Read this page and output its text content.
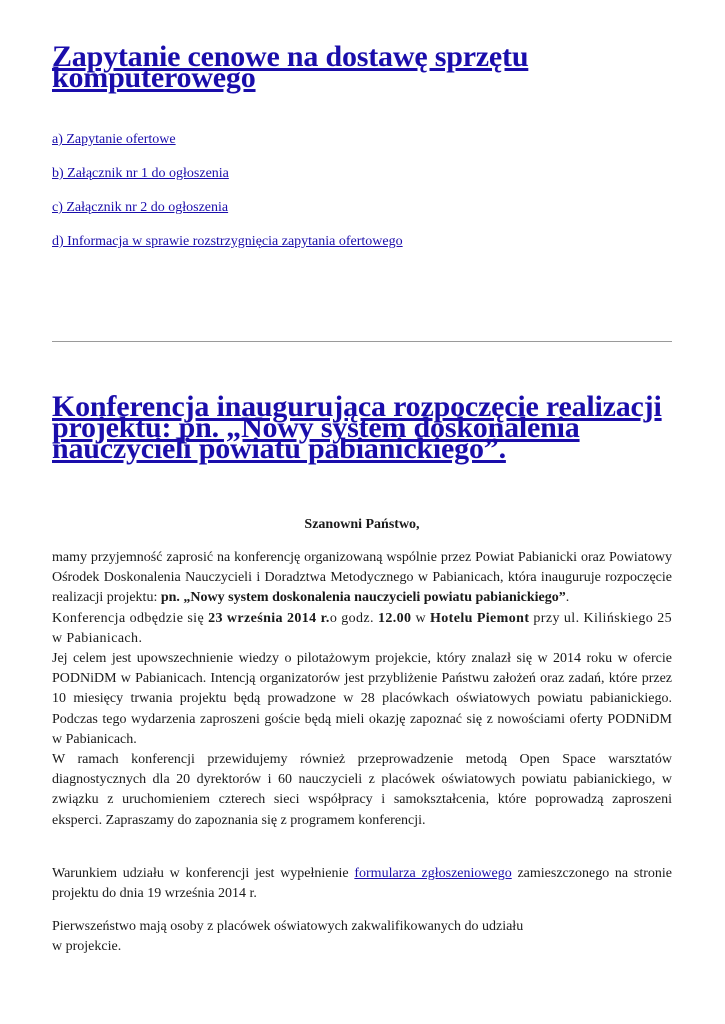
Zapytanie cenowe na dostawę sprzętu komputerowego
a) Zapytanie ofertowe
b) Załącznik nr 1 do ogłoszenia
c) Załącznik nr 2 do ogłoszenia
d) Informacja w sprawie rozstrzygnięcia zapytania ofertowego
Konferencja inaugurująca rozpoczęcie realizacji projektu: pn. „Nowy system doskonalenia nauczycieli powiatu pabianickiego”.
Szanowni Państwo,

mamy przyjemność zaprosić na konferencję organizowaną wspólnie przez Powiat Pabianicki oraz Powiatowy Ośrodek Doskonalenia Nauczycieli i Doradztwa Metodycznego w Pabianicach, która inauguruje rozpoczęcie realizacji projektu: pn. „Nowy system doskonalenia nauczycieli powiatu pabianickiego”.

Konferencja odbędzie się 23 września 2014 r.o godz. 12.00 w Hotelu Piemont przy ul. Kilińskiego 25 w Pabianicach.

Jej celem jest upowszechnienie wiedzy o pilotażowym projekcie, który znalazł się w 2014 roku w ofercie PODNiDM w Pabianicach. Intencją organizatorów jest przybliżenie Państwu założeń oraz zadań, które przez 10 miesięcy trwania projektu będą prowadzone w 28 placówkach oświatowych powiatu pabianickiego. Podczas tego wydarzenia zaproszeni goście będą mieli okazję zapoznać się z nowościami oferty PODNiDM w Pabianicach.

W ramach konferencji przewidujemy również przeprowadzenie metodą Open Space warsztatów diagnostycznych dla 20 dyrektorów i 60 nauczycieli z placówek oświatowych powiatu pabianickiego, w związku z uruchomieniem czterech sieci współpracy i samokształcenia, które poprowadzą zaproszeni eksperci. Zapraszamy do zapoznania się z programem konferencji.

Warunkiem udziału w konferencji jest wypełnienie formularza zgłoszeniowego zamieszczonego na stronie projektu do dnia 19 września 2014 r.

Pierwszeństwo mają osoby z placówek oświatowych zakwalifikowanych do udziału

w projekcie.
